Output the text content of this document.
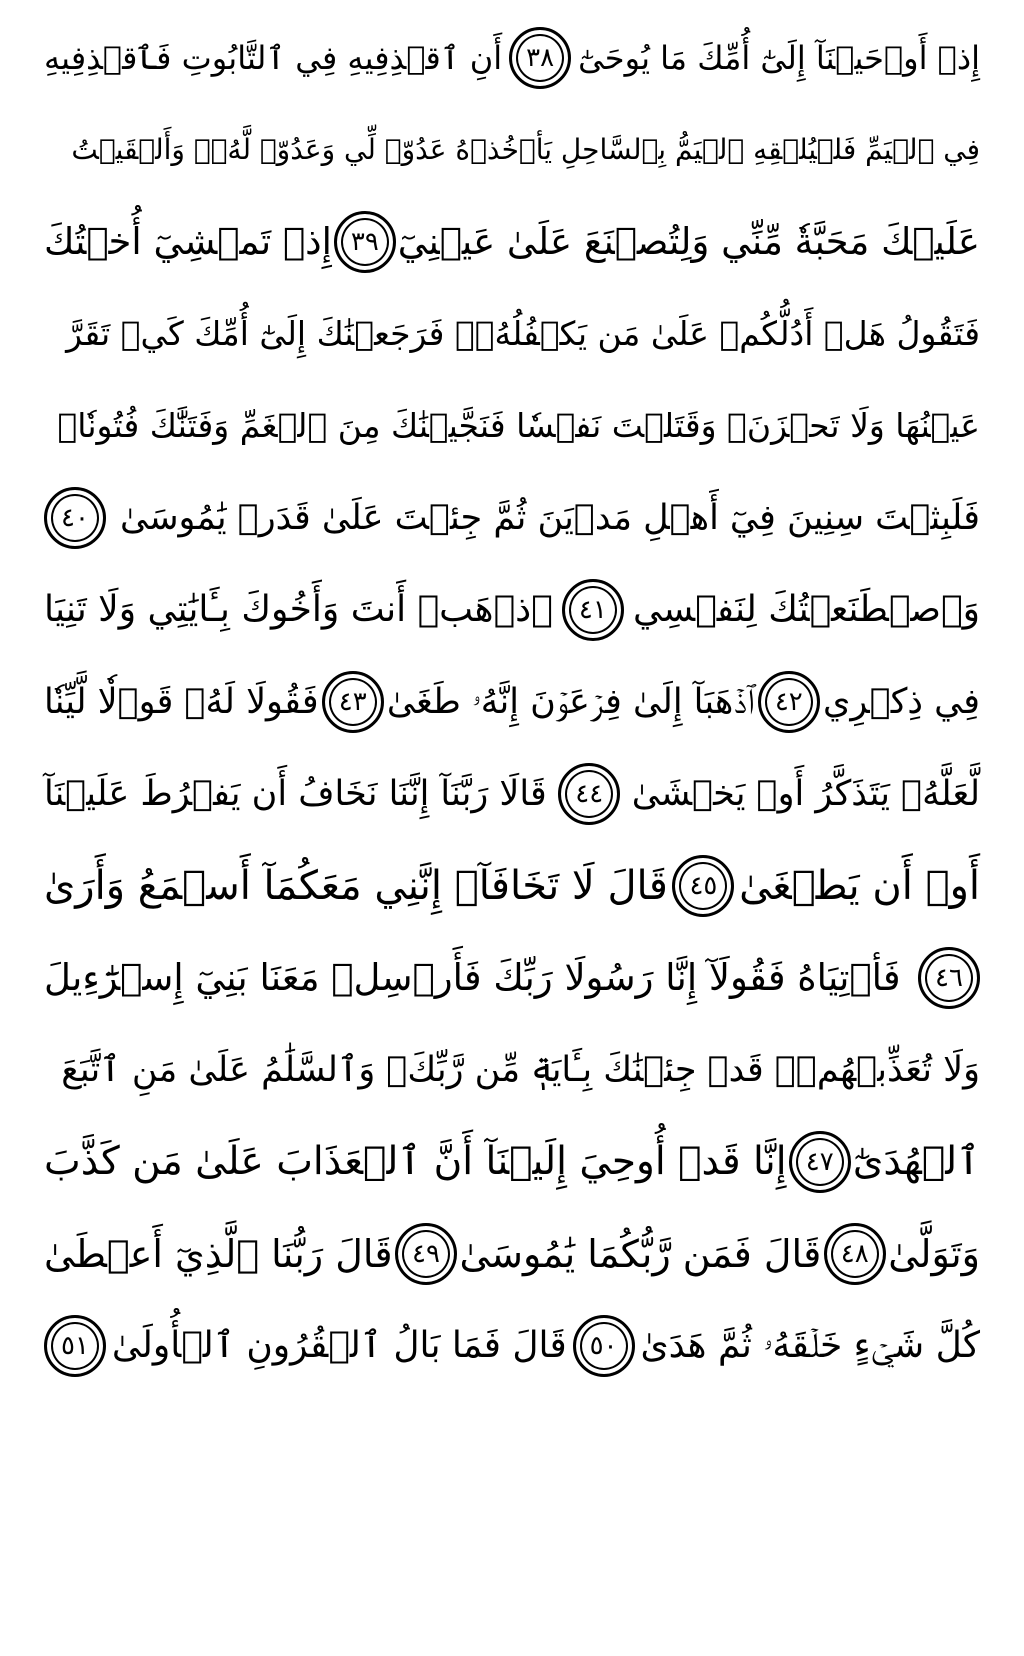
إِذۡ أَوۡحَيۡنَآ إِلَىٰٓ أُمِّكَ مَا يُوحَىٰٓ
٣٨
أَنِ ٱقۡذِفِيهِ فِي ٱلتَّابُوتِ فَٱقۡذِفِيهِ
فِي ٱلۡيَمِّ فَلۡيُلۡقِهِ ٱلۡيَمُّ بِٱلسَّاحِلِ يَأۡخُذۡهُ عَدُوّٞ لِّي وَعَدُوّٞ لَّهُۥۚ وَأَلۡقَيۡتُ
عَلَيۡكَ مَحَبَّةٗ مِّنِّي وَلِتُصۡنَعَ عَلَىٰ عَيۡنِيٓ
٣٩
إِذۡ تَمۡشِيٓ أُخۡتُكَ
فَتَقُولُ هَلۡ أَدُلُّكُمۡ عَلَىٰ مَن يَكۡفُلُهُۥۖ فَرَجَعۡنَٰكَ إِلَىٰٓ أُمِّكَ كَيۡ تَقَرَّ
عَيۡنُهَا وَلَا تَحۡزَنَۚ وَقَتَلۡتَ نَفۡسٗا فَنَجَّيۡنَٰكَ مِنَ ٱلۡغَمِّ وَفَتَنَّٰكَ فُتُونٗاۚ
فَلَبِثۡتَ سِنِينَ فِيٓ أَهۡلِ مَدۡيَنَ ثُمَّ جِئۡتَ عَلَىٰ قَدَرٖ يَٰمُوسَىٰ
٤٠
وَٱصۡطَنَعۡتُكَ لِنَفۡسِي
٤١
ٱذۡهَبۡ أَنتَ وَأَخُوكَ بِـَٔايَٰتِي وَلَا تَنِيَا
فِي ذِكۡرِي
٤٢
ٱذۡهَبَآ إِلَىٰ فِرۡعَوۡنَ إِنَّهُۥ طَغَىٰ
٤٣
فَقُولَا لَهُۥ قَوۡلٗا لَّيِّنٗا
لَّعَلَّهُۥ يَتَذَكَّرُ أَوۡ يَخۡشَىٰ
٤٤
قَالَا رَبَّنَآ إِنَّنَا نَخَافُ أَن يَفۡرُطَ عَلَيۡنَآ
أَوۡ أَن يَطۡغَىٰ
٤٥
قَالَ لَا تَخَافَآۖ إِنَّنِي مَعَكُمَآ أَسۡمَعُ وَأَرَىٰ
٤٦
فَأۡتِيَاهُ فَقُولَآ إِنَّا رَسُولَا رَبِّكَ فَأَرۡسِلۡ مَعَنَا بَنِيٓ إِسۡرَٰٓءِيلَ
وَلَا تُعَذِّبۡهُمۡۖ قَدۡ جِئۡنَٰكَ بِـَٔايَةٖ مِّن رَّبِّكَۖ وَٱلسَّلَٰمُ عَلَىٰ مَنِ ٱتَّبَعَ
ٱلۡهُدَىٰٓ
٤٧
إِنَّا قَدۡ أُوحِيَ إِلَيۡنَآ أَنَّ ٱلۡعَذَابَ عَلَىٰ مَن كَذَّبَ
وَتَوَلَّىٰ
٤٨
قَالَ فَمَن رَّبُّكُمَا يَٰمُوسَىٰ
٤٩
قَالَ رَبُّنَا ٱلَّذِيٓ أَعۡطَىٰ
كُلَّ شَيۡءٍ خَلۡقَهُۥ ثُمَّ هَدَىٰ
٥٠
قَالَ فَمَا بَالُ ٱلۡقُرُونِ ٱلۡأُولَىٰ
٥١
